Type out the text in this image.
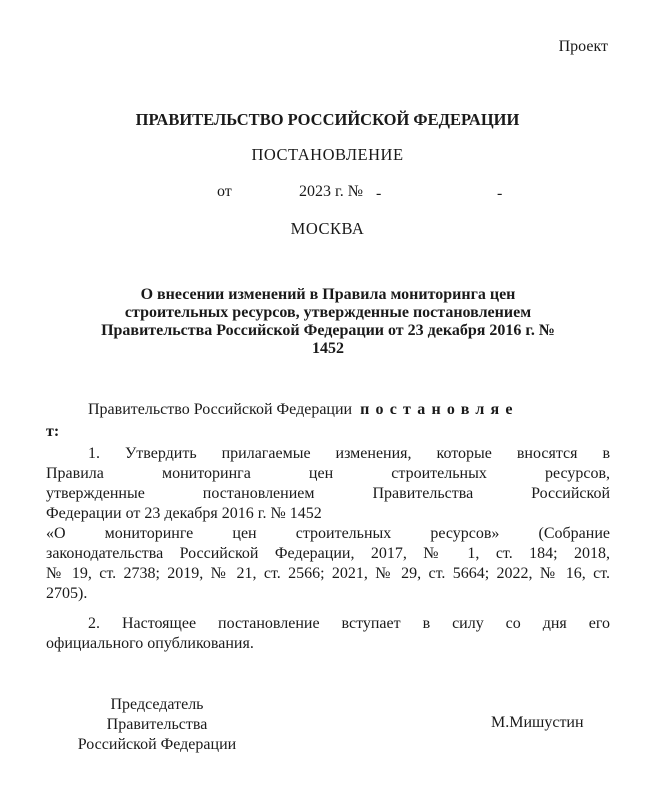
Проект
ПРАВИТЕЛЬСТВО РОССИЙСКОЙ ФЕДЕРАЦИИ
ПОСТАНОВЛЕНИЕ
от	2023 г. № -	-
МОСКВА
О внесении изменений в Правила мониторинга цен
строительных ресурсов, утвержденные постановлением
Правительства Российской Федерации от 23 декабря 2016 г. №
1452
Правительство Российской Федерации постановляе
т:
1. Утвердить прилагаемые изменения, которые вносятся в
Правила мониторинга цен строительных ресурсов,
утвержденные постановлением Правительства Российской
Федерации от 23 декабря 2016 г. № 1452
«О мониторинге цен строительных ресурсов» (Собрание
законодательства Российской Федерации, 2017, № 1, ст. 184; 2018,
№ 19, ст. 2738; 2019, № 21, ст. 2566; 2021, № 29, ст. 5664; 2022, № 16, ст.
2705).
2. Настоящее постановление вступает в силу со дня его
официального опубликования.
Председатель
Правительства
Российской Федерации
М.Мишустин
